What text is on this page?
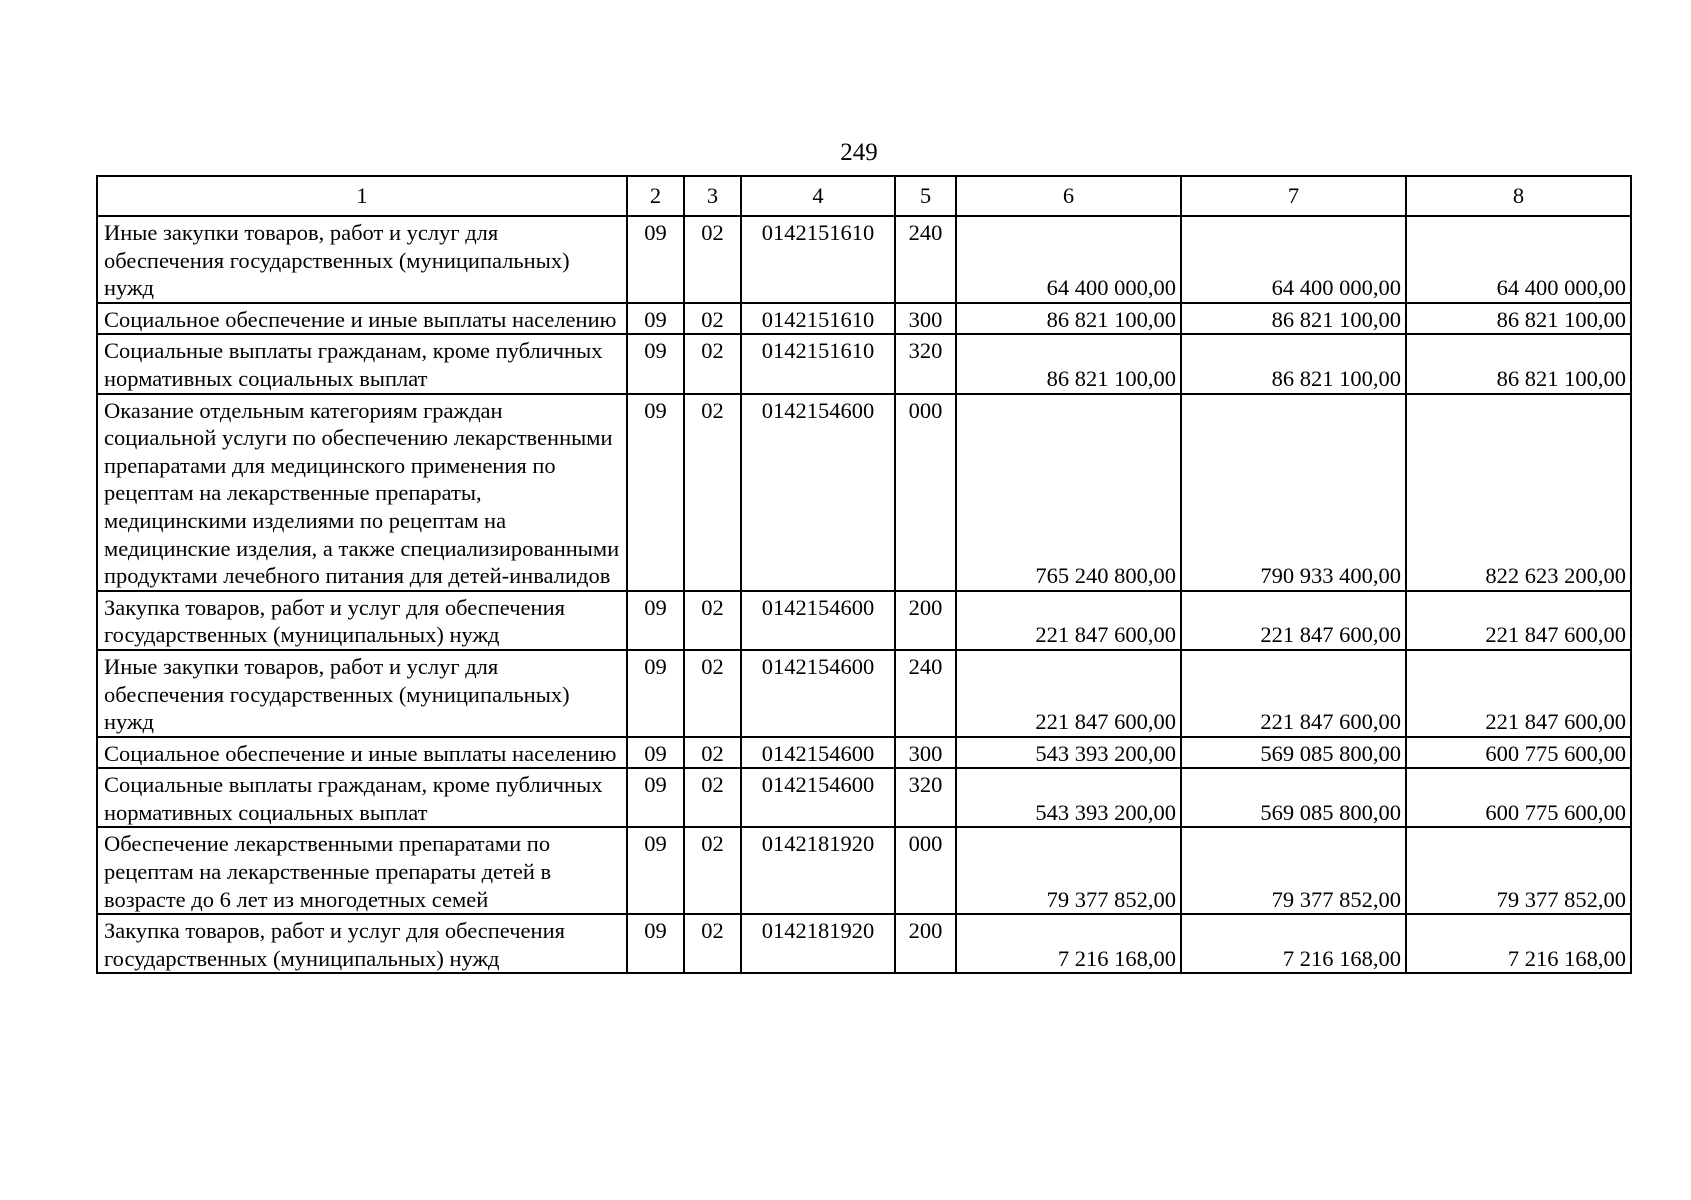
249
1	2	3	4	5	6	7	8
Иные закупки товаров, работ и услуг для обеспечения государственных (муниципальных) нужд	09	02	0142151610	240	64 400 000,00	64 400 000,00	64 400 000,00
Социальное обеспечение и иные выплаты населению	09	02	0142151610	300	86 821 100,00	86 821 100,00	86 821 100,00
Социальные выплаты гражданам, кроме публичных нормативных социальных выплат	09	02	0142151610	320	86 821 100,00	86 821 100,00	86 821 100,00
Оказание отдельным категориям граждан социальной услуги по обеспечению лекарственными препаратами для медицинского применения по рецептам на лекарственные препараты, медицинскими изделиями по рецептам на медицинские изделия, а также специализированными продуктами лечебного питания для детей-инвалидов	09	02	0142154600	000	765 240 800,00	790 933 400,00	822 623 200,00
Закупка товаров, работ и услуг для обеспечения государственных (муниципальных) нужд	09	02	0142154600	200	221 847 600,00	221 847 600,00	221 847 600,00
Иные закупки товаров, работ и услуг для обеспечения государственных (муниципальных) нужд	09	02	0142154600	240	221 847 600,00	221 847 600,00	221 847 600,00
Социальное обеспечение и иные выплаты населению	09	02	0142154600	300	543 393 200,00	569 085 800,00	600 775 600,00
Социальные выплаты гражданам, кроме публичных нормативных социальных выплат	09	02	0142154600	320	543 393 200,00	569 085 800,00	600 775 600,00
Обеспечение лекарственными препаратами по рецептам на лекарственные препараты детей в возрасте до 6 лет из многодетных семей	09	02	0142181920	000	79 377 852,00	79 377 852,00	79 377 852,00
Закупка товаров, работ и услуг для обеспечения государственных (муниципальных) нужд	09	02	0142181920	200	7 216 168,00	7 216 168,00	7 216 168,00
